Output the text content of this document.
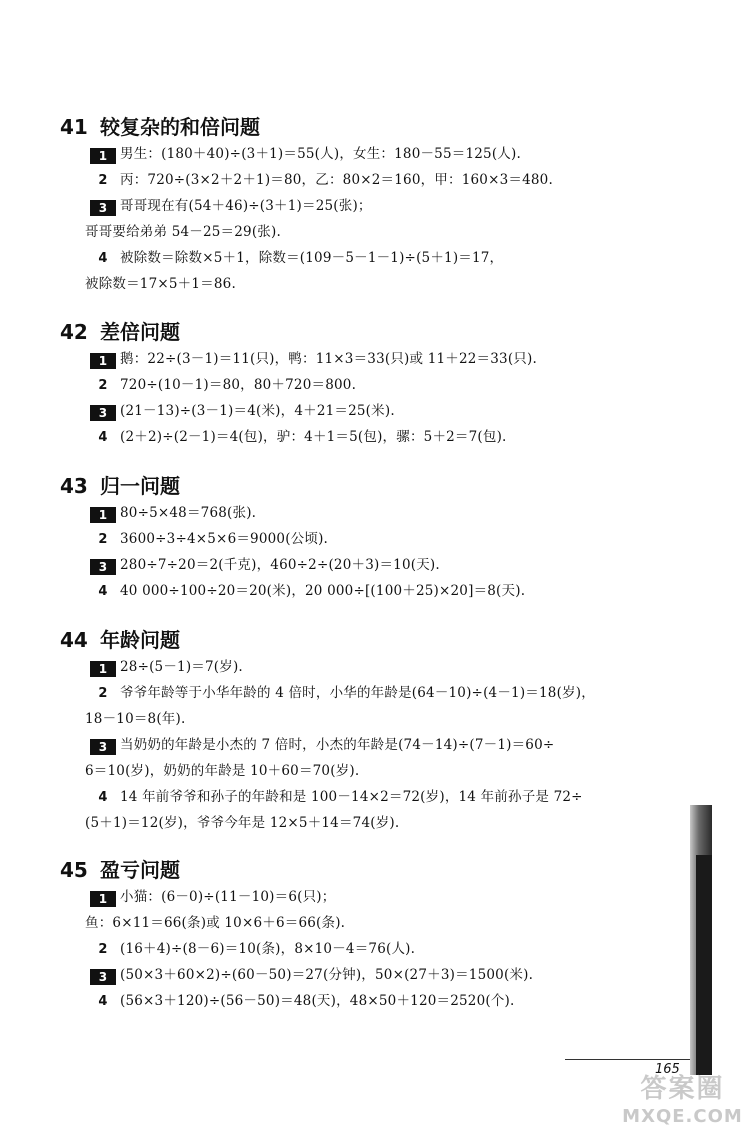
41 较复杂的和倍问题
1 男生：(180＋40)÷(3＋1)＝55(人)，女生：180－55＝125(人).
2 丙：720÷(3×2＋2＋1)＝80，乙：80×2＝160，甲：160×3＝480.
3 哥哥现在有(54＋46)÷(3＋1)＝25(张)；
哥哥要给弟弟 54－25＝29(张).
4 被除数＝除数×5＋1，除数＝(109－5－1－1)÷(5＋1)＝17，
被除数＝17×5＋1＝86.
42 差倍问题
1 鹅：22÷(3－1)＝11(只)，鸭：11×3＝33(只)或 11＋22＝33(只).
2 720÷(10－1)＝80，80＋720＝800.
3 (21－13)÷(3－1)＝4(米)，4＋21＝25(米).
4 (2＋2)÷(2－1)＝4(包)，驴：4＋1＝5(包)，骡：5＋2＝7(包).
43 归一问题
1 80÷5×48＝768(张).
2 3600÷3÷4×5×6＝9000(公顷).
3 280÷7÷20＝2(千克)，460÷2÷(20＋3)＝10(天).
4 40 000÷100÷20＝20(米)，20 000÷[(100＋25)×20]＝8(天).
44 年龄问题
1 28÷(5－1)＝7(岁).
2 爷爷年龄等于小华年龄的 4 倍时，小华的年龄是(64－10)÷(4－1)＝18(岁)，
18－10＝8(年).
3 当奶奶的年龄是小杰的 7 倍时，小杰的年龄是(74－14)÷(7－1)＝60÷
6＝10(岁)，奶奶的年龄是 10＋60＝70(岁).
4 14 年前爷爷和孙子的年龄和是 100－14×2＝72(岁)，14 年前孙子是 72÷
(5＋1)＝12(岁)，爷爷今年是 12×5＋14＝74(岁).
45 盈亏问题
1 小猫：(6－0)÷(11－10)＝6(只)；
鱼：6×11＝66(条)或 10×6＋6＝66(条).
2 (16＋4)÷(8－6)＝10(条)，8×10－4＝76(人).
3 (50×3＋60×2)÷(60－50)＝27(分钟)，50×(27＋3)＝1500(米).
4 (56×3＋120)÷(56－50)＝48(天)，48×50＋120＝2520(个).
165
答案圈
MXQE.COM
